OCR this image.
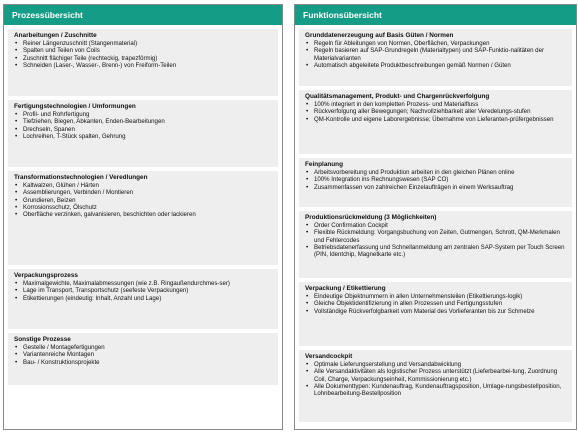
Prozessübersicht
Anarbeitungen / Zuschnitte
• Reiner Längenzuschnitt (Stangenmaterial)
• Spalten und Teilen von Coils
• Zuschnitt flächiger Teile (rechteckig, trapezförmig)
• Schneiden (Laser-, Wasser-, Brenn-) von Freiform-Teilen
Fertigungstechnologien / Umformungen
• Profil- und Rohrfertigung
• Tiefziehen, Biegen, Abkanten, Enden-Bearbeitungen
• Drechseln, Spanen
• Lochreihen, T-Stück spalten, Gehrung
Transformationstechnologien / Veredlungen
• Kaltwalzen, Glühen / Härten
• Assemblierungen, Verbinden / Montieren
• Grundieren, Beizen
• Korrosionsschutz, Ölschutz
• Oberfläche verzinken, galvanisieren, beschichten oder lackieren
Verpackungsprozess
• Maximalgewichte, Maximalabmessungen (wie z.B. Ringaußendurchmes-ser)
• Lage im Transport, Transportschutz (seefeste Verpackungen)
• Etikettierungen (eindeutig: Inhalt, Anzahl und Lage)
Sonstige Prozesse
• Gestelle / Montagefertigungen
• Variantenreiche Montagen
• Bau- / Konstruktionsprojekte
Funktionsübersicht
Grunddatenerzeugung auf Basis Güten / Normen
• Regeln für Ableitungen von Normen, Oberflächen, Verpackungen
• Regeln basieren auf SAP-Grundregeln (Materialtypen) und SAP-Funktio-nalitäten der Materialvarianten
• Automatisch abgeleitete Produktbeschreibungen gemäß Normen / Güten
Qualitätsmanagement, Produkt- und Chargenrückverfolgung
• 100% integriert in den kompletten Prozess- und Materialfluss
• Rückverfolgung aller Bewegungen; Nachvollziehbarkeit aller Veredelungs-stufen
• QM-Kontrolle und eigene Laborergebnisse; Übernahme von Lieferanten-prüfergebnissen
Feinplanung
• Arbeitsvorbereitung und Produktion arbeiten in den gleichen Plänen online
• 100% Integration ins Rechnungswesen (SAP CO)
• Zusammenfassen von zahlreichen Einzelaufträgen in einem Werksauftrag
Produktionsrückmeldung (3 Möglichkeiten)
• Order Confirmation Cockpit
• Flexible Rückmeldung: Vorgangsbuchung von Zeiten, Gutmengen, Schrott, QM-Merkmalen und Fehlercodes
• Betriebsdatenerfassung und Schnellanmeldung am zentralen SAP-System per Touch Screen (PIN, Identchip, Magnetkarte etc.)
Verpackung / Etikettierung
• Eindeutige Objektnummern in allen Unternehmensteilen (Etikettierungs-logik)
• Gleiche Objektidentifizierung in allen Prozessen und Fertigungsstufen
• Vollständige Rückverfolgbarkeit vom Material des Vorlieferanten bis zur Schmelze
Versandcockpit
• Optimale Lieferungserstellung und Versandabwicklung
• Alle Versandaktivitäten als logistischer Prozess unterstützt (Lieferbearbei-tung, Zuordnung Coil, Charge, Verpackungseinheit, Kommissionierung etc.)
• Alle Dokumenttypen: Kundenauftrag, Kundenauftragsposition, Umlage-rungsbestellposition, Lohnbearbeitung-Bestellposition
